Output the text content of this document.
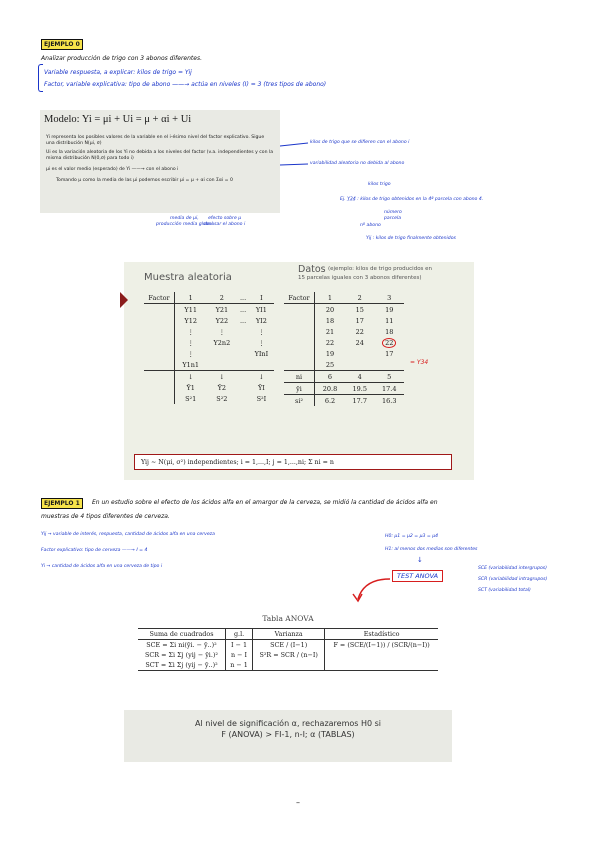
EJEMPLO 0
Analizar producción de trigo con 3 abonos diferentes.
Variable respuesta, a explicar: kilos de trigo = Yij
Factor, variable explicativa: tipo de abono ——→ actúa en niveles (I) = 3 (tres tipos de abono)
Modelo: Yi = μi + Ui = μ + αi + Ui
Yi representa los posibles valores de la variable en el i-ésimo nivel del factor explicativo. Sigue una distribución N(μi, σ)
Ui es la variación aleatoria de los Yi no debida a los niveles del factor (v.a. independientes y con la misma distribución N(0,σ) para todo i)
μi es el valor medio (esperado) de Yi ——→ con el abono i
Tomando μ como la media de las μi podemos escribir μi = μ + αi con Σαi = 0
media de μi,
producción media global
efecto sobre μ
de usar el abono i
kilos de trigo que se difieren con el abono i
variabilidad aleatoria no debida al abono
kilos trigo
Ej. Y̲3̲4̲ : kilos de trigo obtenidos en la 4ª parcela con abono 4.
número
parcela
nº abono
Yij : kilos de trigo finalmente obtenidos
Muestra aleatoria
Datos (ejemplo: kilos de trigo producidos en
15 parcelas iguales con 3 abonos diferentes)
Factor	1	2	...	I
	Y11	Y21	...	YI1
	Y12	Y22	...	YI2
	⋮	⋮		⋮
	⋮	Y2n2		⋮
	⋮			YInI
	Y1n1			
	↓	↓		↓
	Ȳ1	Ȳ2		ȲI
	S²1	S²2		S²I
Factor	1	2	3
	20	15	19
	18	17	11
	21	22	18
	22	24	22
	19		17
	25		
ni	6	4	5
ȳi	20.8	19.5	17.4
si²	6.2	17.7	16.3
= Y34
Yij ∼ N(μi, σ²) independientes; i = 1,...,I; j = 1,...,ni; Σ ni = n
EJEMPLO 1	En un estudio sobre el efecto de los ácidos alfa en el amargor de la cerveza, se midió la cantidad de ácidos alfa en
muestras de 4 tipos diferentes de cerveza.
Yij → variable de interés, respuesta, cantidad de ácidos alfa en una cerveza
Factor explicativo: tipo de cerveza ——→ I = 4
Yi → cantidad de ácidos alfa en una cerveza de tipo i
H0: μ1 = μ2 = μ3 = μ4
H1: al menos dos medias son diferentes
↓
TEST ANOVA
SCE (variabilidad intergrupos)
SCR (variabilidad intragrupos)
SCT (variabilidad total)
Tabla ANOVA
Suma de cuadrados	g.l.	Varianza	Estadístico
SCE = Σi ni(ȳi. − ȳ..)²	I − 1	SCE / (I−1)	F = (SCE/(I−1)) / (SCR/(n−I))
SCR = Σi Σj (yij − ȳi.)²	n − I	S²R = SCR / (n−I)	
SCT = Σi Σj (yij − ȳ..)²	n − 1		
Al nivel de significación α, rechazaremos H0 si
F (ANOVA) > FI-1, n-I; α (TABLAS)
–
